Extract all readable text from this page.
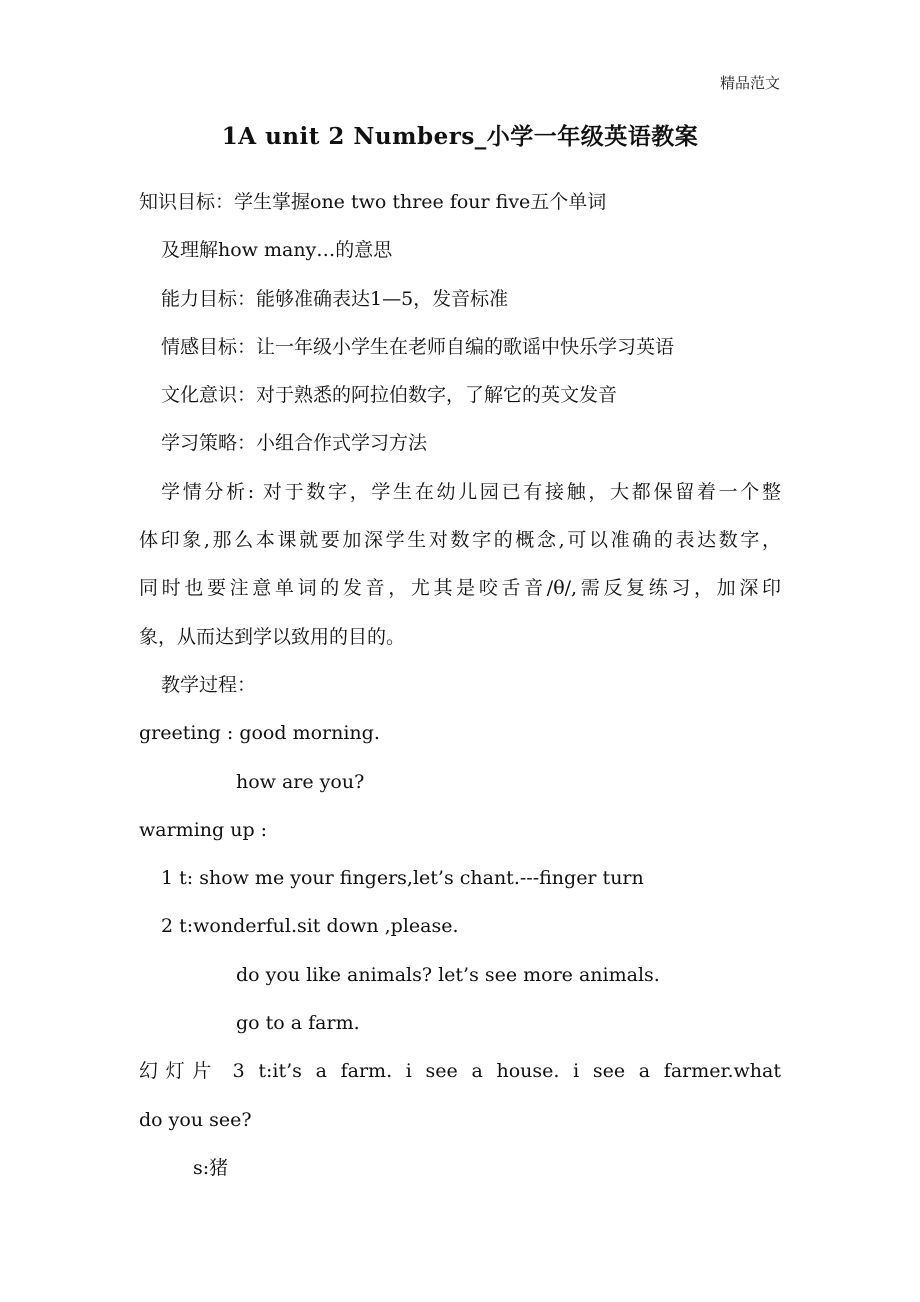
精品范文
1A unit 2 Numbers_小学一年级英语教案

知识目标：学生掌握one two three four five五个单词

及理解how many…的意思

能力目标：能够准确表达1—5，发音标准

情感目标：让一年级小学生在老师自编的歌谣中快乐学习英语

文化意识：对于熟悉的阿拉伯数字，了解它的英文发音

学习策略：小组合作式学习方法

学情分析: 对于数字，学生在幼儿园已有接触，大都保留着一个整

体印象,那么本课就要加深学生对数字的概念,可以准确的表达数字，

同时也要注意单词的发音，尤其是咬舌音/θ/,需反复练习，加深印

象，从而达到学以致用的目的。

教学过程：

greeting : good morning.

how are you?

warming up :

1 t: show me your fingers,let’s chant.---finger turn

2 t:wonderful.sit down ,please.

do you like animals? let’s see more animals.

go to a farm.

幻灯片 3 t:it’s a farm. i see a house. i see a farmer.what

do you see?

s:猪
